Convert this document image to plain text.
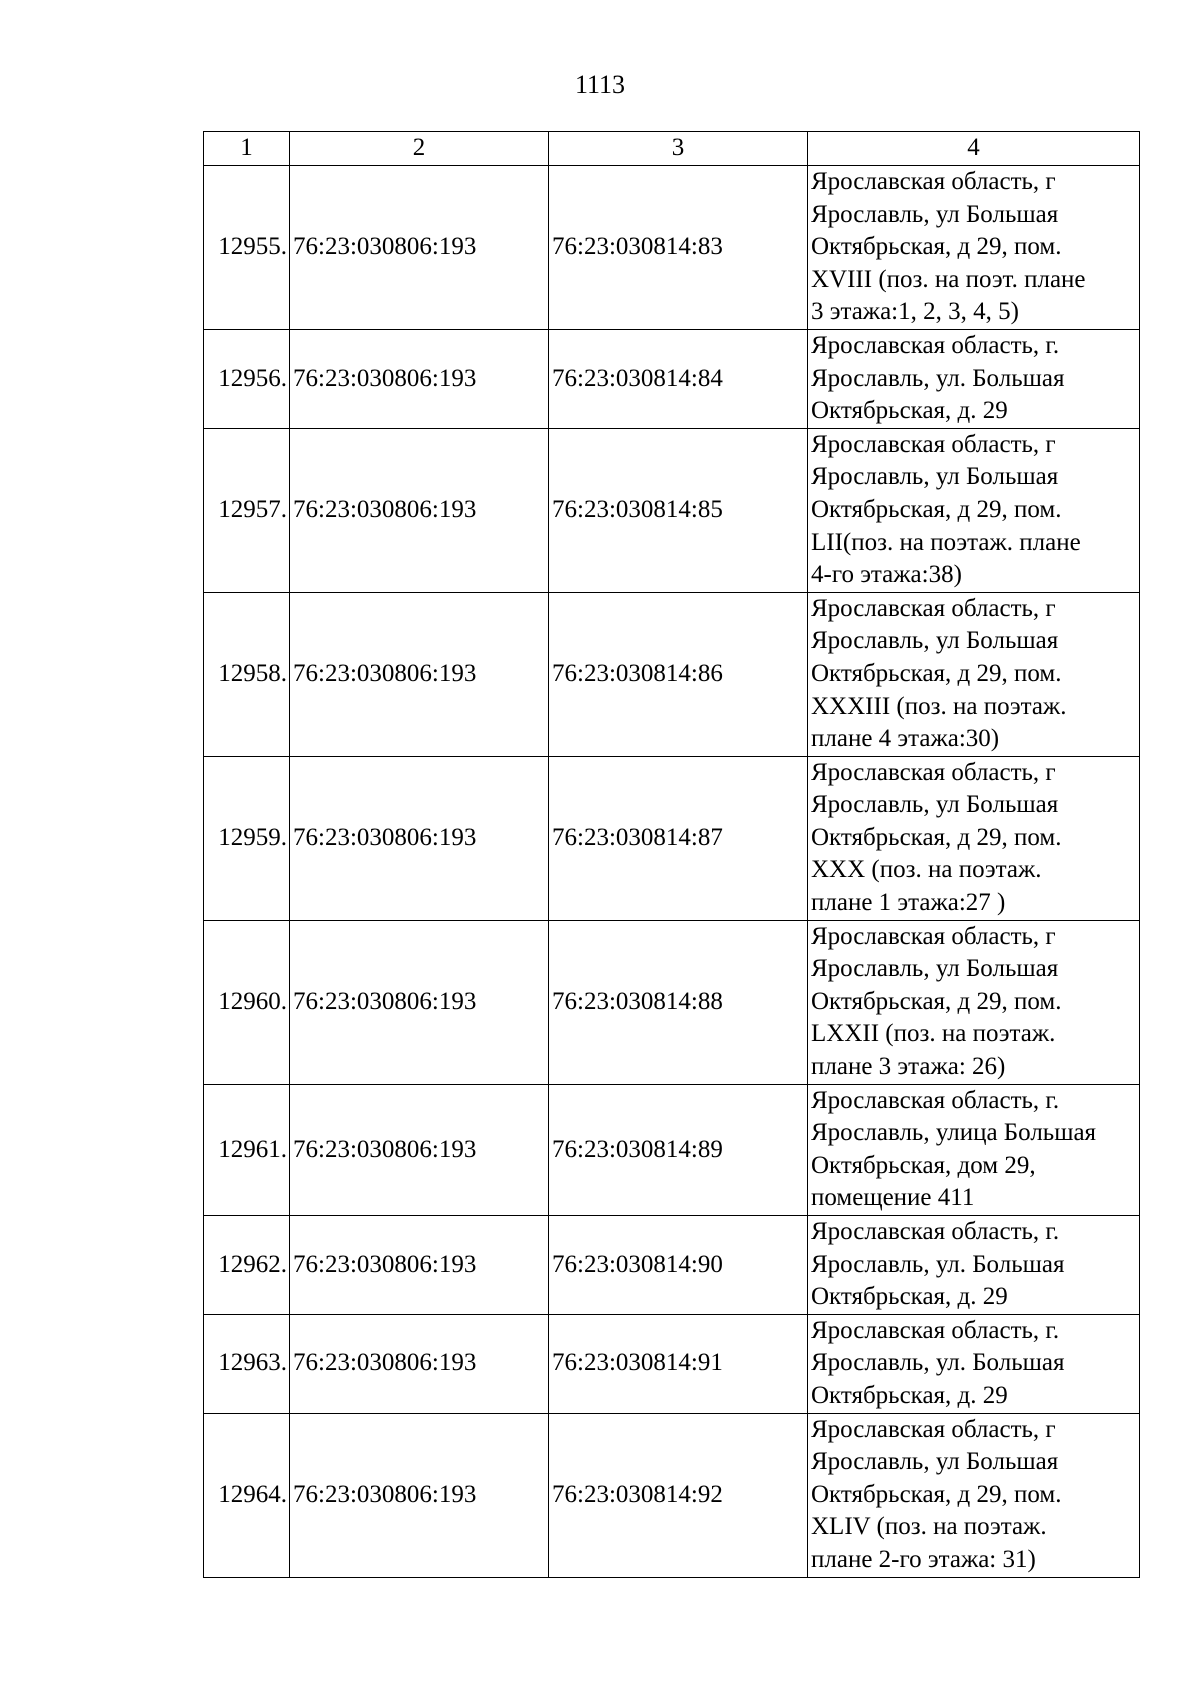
1113
1	2	3	4
12955.	76:23:030806:193	76:23:030814:83	Ярославская область, г
Ярославль, ул Большая
Октябрьская, д 29, пом.
XVIII (поз. на поэт. плане
3 этажа:1, 2, 3, 4, 5)
12956.	76:23:030806:193	76:23:030814:84	Ярославская область, г.
Ярославль, ул. Большая
Октябрьская, д. 29
12957.	76:23:030806:193	76:23:030814:85	Ярославская область, г
Ярославль, ул Большая
Октябрьская, д 29, пом.
LII(поз. на поэтаж. плане
4-го этажа:38)
12958.	76:23:030806:193	76:23:030814:86	Ярославская область, г
Ярославль, ул Большая
Октябрьская, д 29, пом.
XXXIII (поз. на поэтаж.
плане 4 этажа:30)
12959.	76:23:030806:193	76:23:030814:87	Ярославская область, г
Ярославль, ул Большая
Октябрьская, д 29, пом.
XXX (поз. на поэтаж.
плане 1 этажа:27 )
12960.	76:23:030806:193	76:23:030814:88	Ярославская область, г
Ярославль, ул Большая
Октябрьская, д 29, пом.
LXXII (поз. на поэтаж.
плане 3 этажа: 26)
12961.	76:23:030806:193	76:23:030814:89	Ярославская область, г.
Ярославль, улица Большая
Октябрьская, дом 29,
помещение 411
12962.	76:23:030806:193	76:23:030814:90	Ярославская область, г.
Ярославль, ул. Большая
Октябрьская, д. 29
12963.	76:23:030806:193	76:23:030814:91	Ярославская область, г.
Ярославль, ул. Большая
Октябрьская, д. 29
12964.	76:23:030806:193	76:23:030814:92	Ярославская область, г
Ярославль, ул Большая
Октябрьская, д 29, пом.
XLIV (поз. на поэтаж.
плане 2-го этажа: 31)
